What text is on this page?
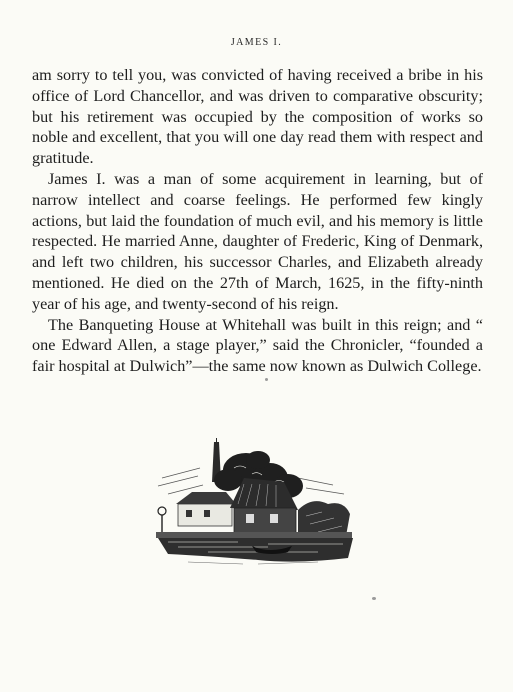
JAMES I.

am sorry to tell you, was convicted of having received a bribe in his office of Lord Chancellor, and was driven to comparative obscurity; but his retirement was occupied by the composition of works so noble and excellent, that you will one day read them with respect and gratitude.

James I. was a man of some acquirement in learning, but of narrow intellect and coarse feelings. He performed few kingly actions, but laid the foundation of much evil, and his memory is little respected. He married Anne, daughter of Frederic, King of Denmark, and left two children, his successor Charles, and Elizabeth already mentioned. He died on the 27th of March, 1625, in the fifty-ninth year of his age, and twenty-second of his reign.

The Banqueting House at Whitehall was built in this reign; and “ one Edward Allen, a stage player,” said the Chronicler, “founded a fair hospital at Dulwich”—the same now known as Dulwich College.
